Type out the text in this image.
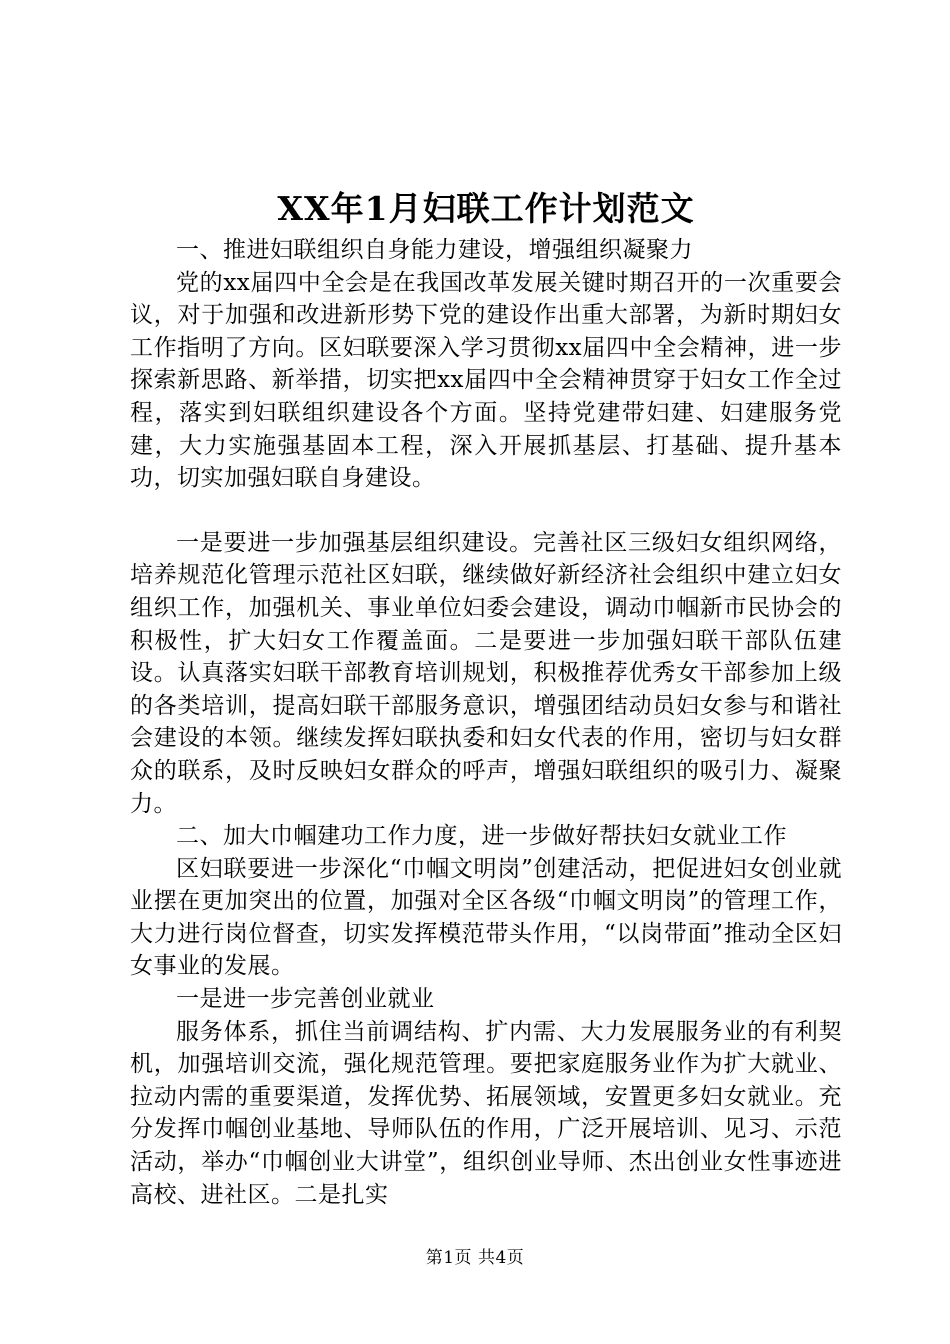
XX年1月妇联工作计划范文

一、推进妇联组织自身能力建设，增强组织凝聚力

党的xx届四中全会是在我国改革发展关键时期召开的一次重要会议，对于加强和改进新形势下党的建设作出重大部署，为新时期妇女工作指明了方向。区妇联要深入学习贯彻xx届四中全会精神，进一步探索新思路、新举措，切实把xx届四中全会精神贯穿于妇女工作全过程，落实到妇联组织建设各个方面。坚持党建带妇建、妇建服务党建，大力实施强基固本工程，深入开展抓基层、打基础、提升基本功，切实加强妇联自身建设。

一是要进一步加强基层组织建设。完善社区三级妇女组织网络，培养规范化管理示范社区妇联，继续做好新经济社会组织中建立妇女组织工作，加强机关、事业单位妇委会建设，调动巾帼新市民协会的积极性，扩大妇女工作覆盖面。二是要进一步加强妇联干部队伍建设。认真落实妇联干部教育培训规划，积极推荐优秀女干部参加上级的各类培训，提高妇联干部服务意识，增强团结动员妇女参与和谐社会建设的本领。继续发挥妇联执委和妇女代表的作用，密切与妇女群众的联系，及时反映妇女群众的呼声，增强妇联组织的吸引力、凝聚力。

二、加大巾帼建功工作力度，进一步做好帮扶妇女就业工作

区妇联要进一步深化“巾帼文明岗”创建活动，把促进妇女创业就业摆在更加突出的位置，加强对全区各级“巾帼文明岗”的管理工作，大力进行岗位督查，切实发挥模范带头作用，“以岗带面”推动全区妇女事业的发展。

一是进一步完善创业就业

服务体系，抓住当前调结构、扩内需、大力发展服务业的有利契机，加强培训交流，强化规范管理。要把家庭服务业作为扩大就业、拉动内需的重要渠道，发挥优势、拓展领域，安置更多妇女就业。充分发挥巾帼创业基地、导师队伍的作用，广泛开展培训、见习、示范活动，举办“巾帼创业大讲堂”，组织创业导师、杰出创业女性事迹进高校、进社区。二是扎实

第1页 共4页
